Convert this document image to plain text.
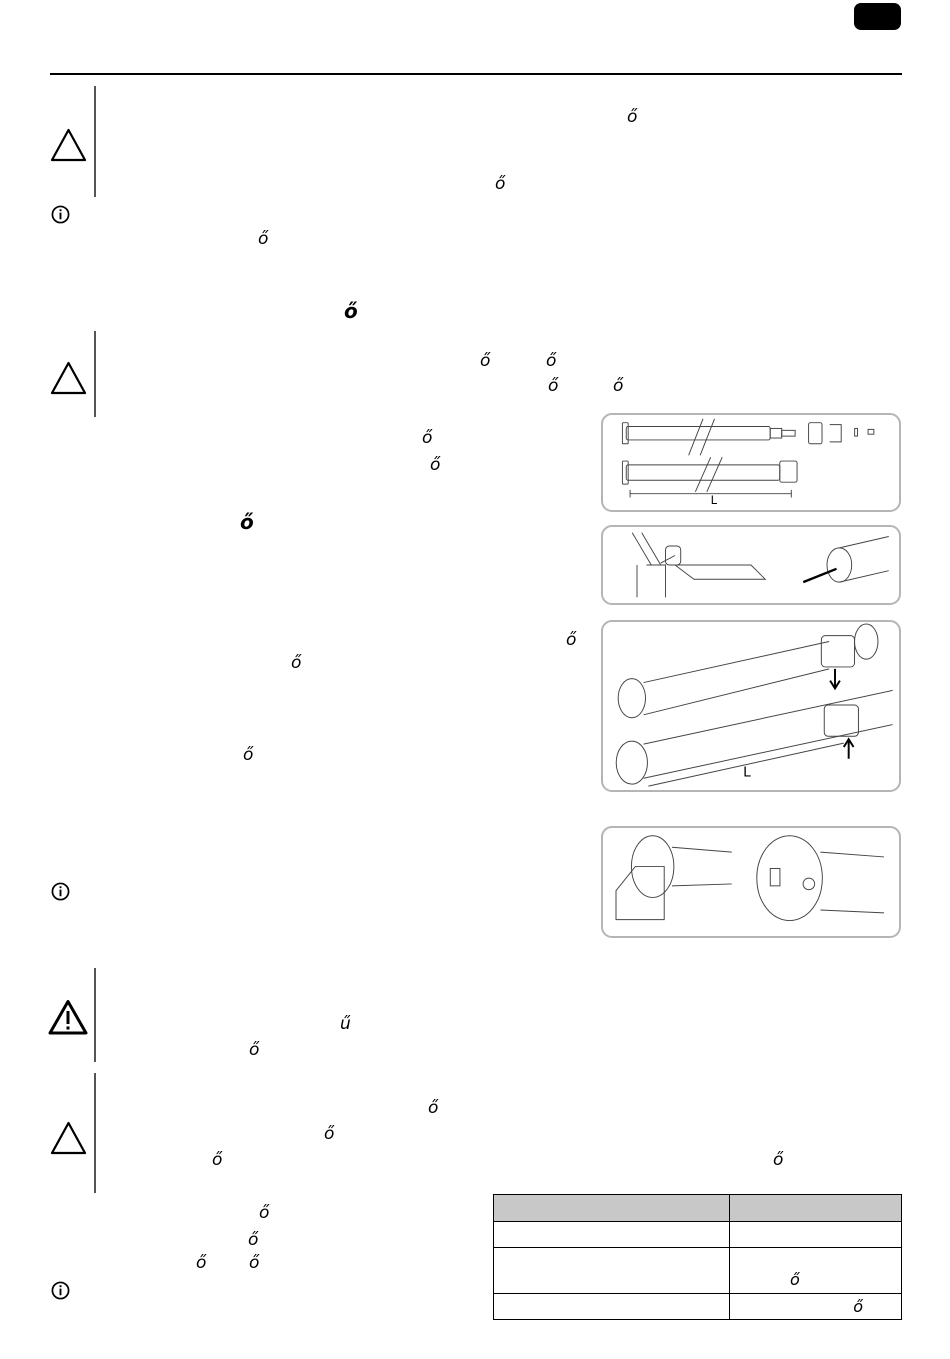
ő
ő
ő
ő
ő	ő
ő	ő
ő
ő
ő
ő
ő
ő
L
L
ű
ő
ő
ő
ő	ő
ő
ő
ő	ő

	ő
	ő
